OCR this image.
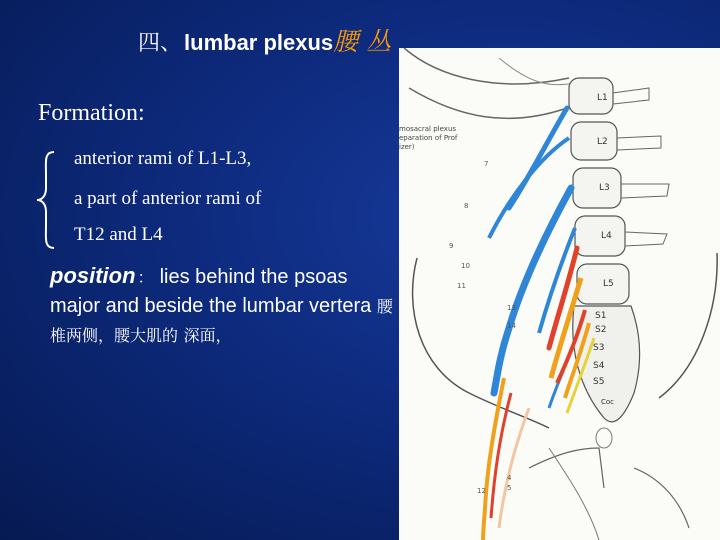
四、 lumbar plexus 腰 丛
Formation:
anterior rami of L1-L3,
a part of anterior rami of
T12 and L4
position ： lies behind the psoas major and beside the lumbar vertera 腰椎两侧，腰大肌的 深面，
L1
L2
L3
L4
L5
S1
S2
S3
S4
S5
Coc
mosacral plexus
eparation of Prof
izer)
7
8
9
10
11
13
14
12
4
5
